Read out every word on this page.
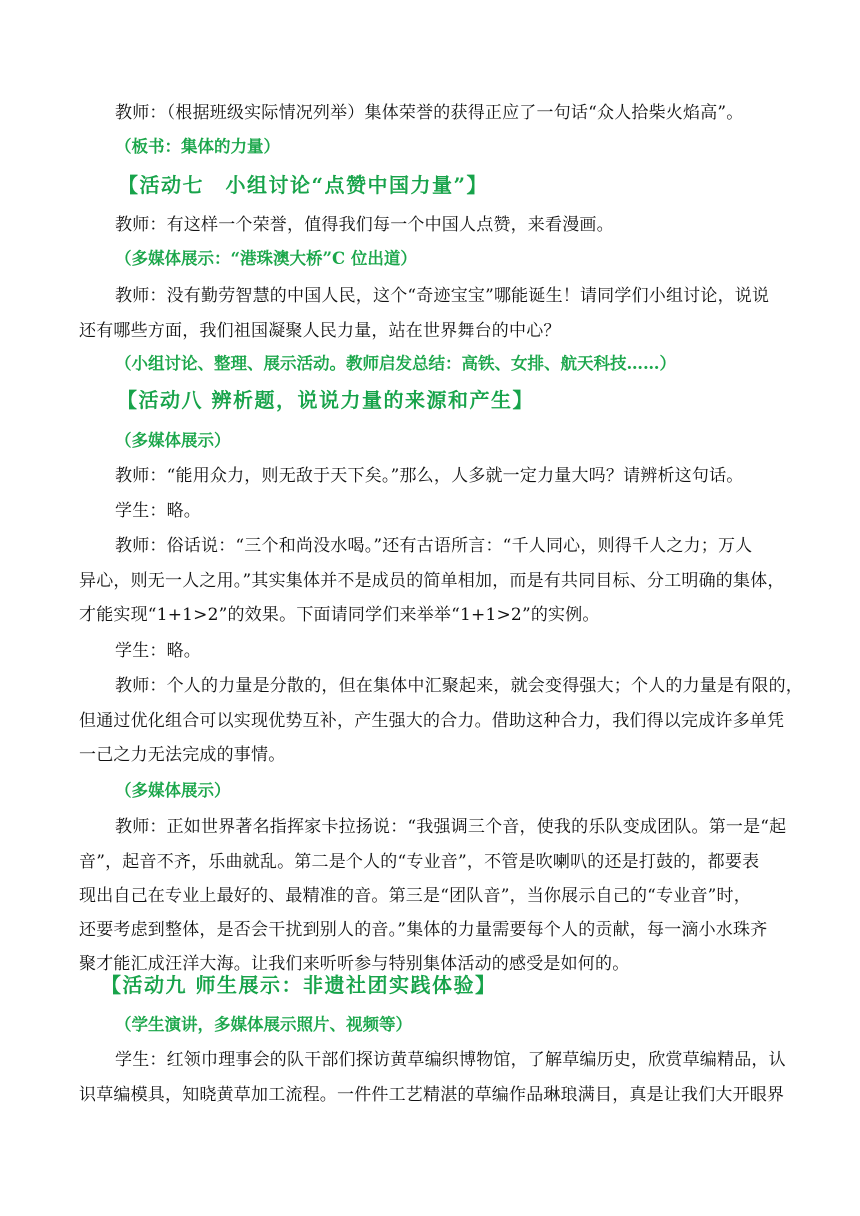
教师：（根据班级实际情况列举）集体荣誉的获得正应了一句话“众人拾柴火焰高”。
（板书：集体的力量）
【活动七　小组讨论“点赞中国力量”】
教师：有这样一个荣誉，值得我们每一个中国人点赞，来看漫画。
（多媒体展示：“港珠澳大桥”C 位出道）
教师：没有勤劳智慧的中国人民，这个“奇迹宝宝”哪能诞生！请同学们小组讨论，说说
还有哪些方面，我们祖国凝聚人民力量，站在世界舞台的中心？
（小组讨论、整理、展示活动。教师启发总结：高铁、女排、航天科技……）
【活动八 辨析题，说说力量的来源和产生】
（多媒体展示）
教师：“能用众力，则无敌于天下矣。”那么，人多就一定力量大吗？请辨析这句话。
学生：略。
教师：俗话说：“三个和尚没水喝。”还有古语所言：“千人同心，则得千人之力；万人
异心，则无一人之用。”其实集体并不是成员的简单相加，而是有共同目标、分工明确的集体，
才能实现“1+1>2”的效果。下面请同学们来举举“1+1>2”的实例。
学生：略。
教师：个人的力量是分散的，但在集体中汇聚起来，就会变得强大；个人的力量是有限的，
但通过优化组合可以实现优势互补，产生强大的合力。借助这种合力，我们得以完成许多单凭
一己之力无法完成的事情。
（多媒体展示）
教师：正如世界著名指挥家卡拉扬说：“我强调三个音，使我的乐队变成团队。第一是“起
音”，起音不齐，乐曲就乱。第二是个人的“专业音”，不管是吹喇叭的还是打鼓的，都要表
现出自己在专业上最好的、最精准的音。第三是“团队音”，当你展示自己的“专业音”时，
还要考虑到整体，是否会干扰到别人的音。”集体的力量需要每个人的贡献，每一滴小水珠齐
聚才能汇成汪洋大海。让我们来听听参与特别集体活动的感受是如何的。
【活动九 师生展示：非遗社团实践体验】
（学生演讲，多媒体展示照片、视频等）
学生：红领巾理事会的队干部们探访黄草编织博物馆，了解草编历史，欣赏草编精品，认
识草编模具，知晓黄草加工流程。一件件工艺精湛的草编作品琳琅满目，真是让我们大开眼界
